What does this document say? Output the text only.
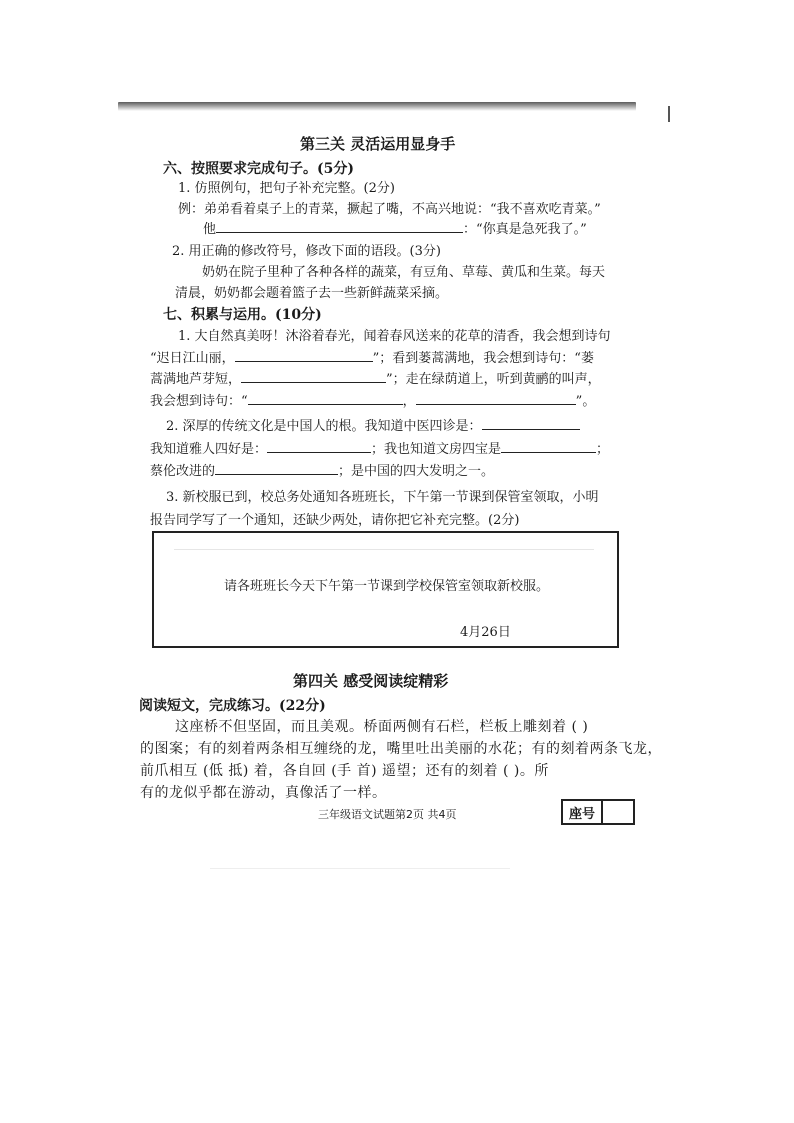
第三关 灵活运用显身手
六、按照要求完成句子。(5分)
1. 仿照例句，把句子补充完整。(2分)
例：弟弟看着桌子上的青菜，撅起了嘴，不高兴地说：“我不喜欢吃青菜。”
他	：“你真是急死我了。”
2. 用正确的修改符号，修改下面的语段。(3分)
奶奶在院子里种了各种各样的蔬菜，有豆角、草莓、黄瓜和生菜。每天
清晨，奶奶都会题着篮子去一些新鲜蔬菜采摘。
七、积累与运用。(10分)
1. 大自然真美呀！沐浴着春光，闻着春风送来的花草的清香，我会想到诗句
“迟日江山丽，	”；看到蒌蒿满地，我会想到诗句：“蒌
蒿满地芦芽短，	”；走在绿荫道上，听到黄鹂的叫声，
我会想到诗句：“	，	”。
2. 深厚的传统文化是中国人的根。我知道中医四诊是：
我知道雅人四好是：	；我也知道文房四宝是	；
蔡伦改进的	；是中国的四大发明之一。
3. 新校服已到，校总务处通知各班班长，下午第一节课到保管室领取，小明
报告同学写了一个通知，还缺少两处，请你把它补充完整。(2分)
请各班班长今天下午第一节课到学校保管室领取新校服。
4月26日
第四关 感受阅读绽精彩
阅读短文，完成练习。(22分)
这座桥不但坚固，而且美观。桥面两侧有石栏，栏板上雕刻着 ( )
的图案；有的刻着两条相互缠绕的龙，嘴里吐出美丽的水花；有的刻着两条飞龙，
前爪相互 (低 抵) 着，各自回 (手 首) 遥望；还有的刻着 ( )。所
有的龙似乎都在游动，真像活了一样。
三年级语文试题第2页 共4页	座号
